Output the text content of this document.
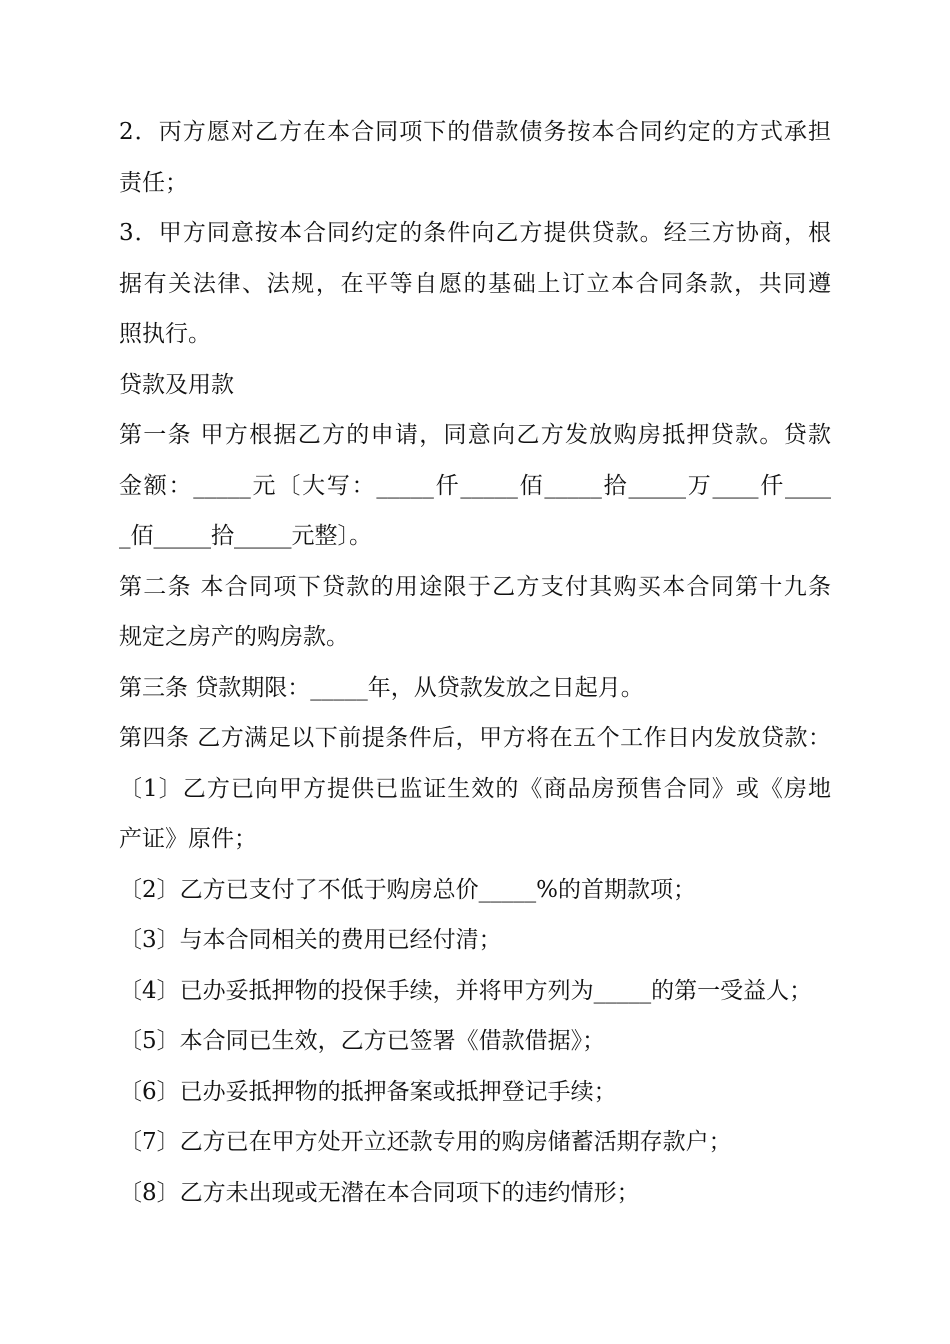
2．丙方愿对乙方在本合同项下的借款债务按本合同约定的方式承担
责任；
3．甲方同意按本合同约定的条件向乙方提供贷款。经三方协商，根
据有关法律、法规，在平等自愿的基础上订立本合同条款，共同遵
照执行。
贷款及用款
第一条 甲方根据乙方的申请，同意向乙方发放购房抵押贷款。贷款
金额：_____元〔大写：_____仟_____佰_____拾_____万____仟____
_佰_____拾_____元整〕。
第二条 本合同项下贷款的用途限于乙方支付其购买本合同第十九条
规定之房产的购房款。
第三条 贷款期限：_____年，从贷款发放之日起月。
第四条 乙方满足以下前提条件后，甲方将在五个工作日内发放贷款：
〔1〕乙方已向甲方提供已监证生效的《商品房预售合同》或《房地
产证》原件；
〔2〕乙方已支付了不低于购房总价_____%的首期款项；
〔3〕与本合同相关的费用已经付清；
〔4〕已办妥抵押物的投保手续，并将甲方列为_____的第一受益人；
〔5〕本合同已生效，乙方已签署《借款借据》；
〔6〕已办妥抵押物的抵押备案或抵押登记手续；
〔7〕乙方已在甲方处开立还款专用的购房储蓄活期存款户；
〔8〕乙方未出现或无潜在本合同项下的违约情形；
